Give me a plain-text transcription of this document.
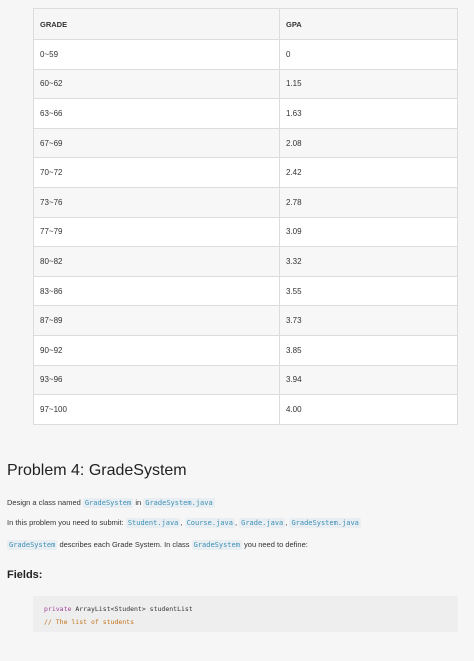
GRADE	GPA
0~59	0
60~62	1.15
63~66	1.63
67~69	2.08
70~72	2.42
73~76	2.78
77~79	3.09
80~82	3.32
83~86	3.55
87~89	3.73
90~92	3.85
93~96	3.94
97~100	4.00
Problem 4: GradeSystem

Design a class named GradeSystem in GradeSystem.java

In this problem you need to submit: Student.java , Course.java , Grade.java , GradeSystem.java

GradeSystem describes each Grade System. In class GradeSystem you need to define:

Fields:
private ArrayList<Student> studentList
// The list of students
